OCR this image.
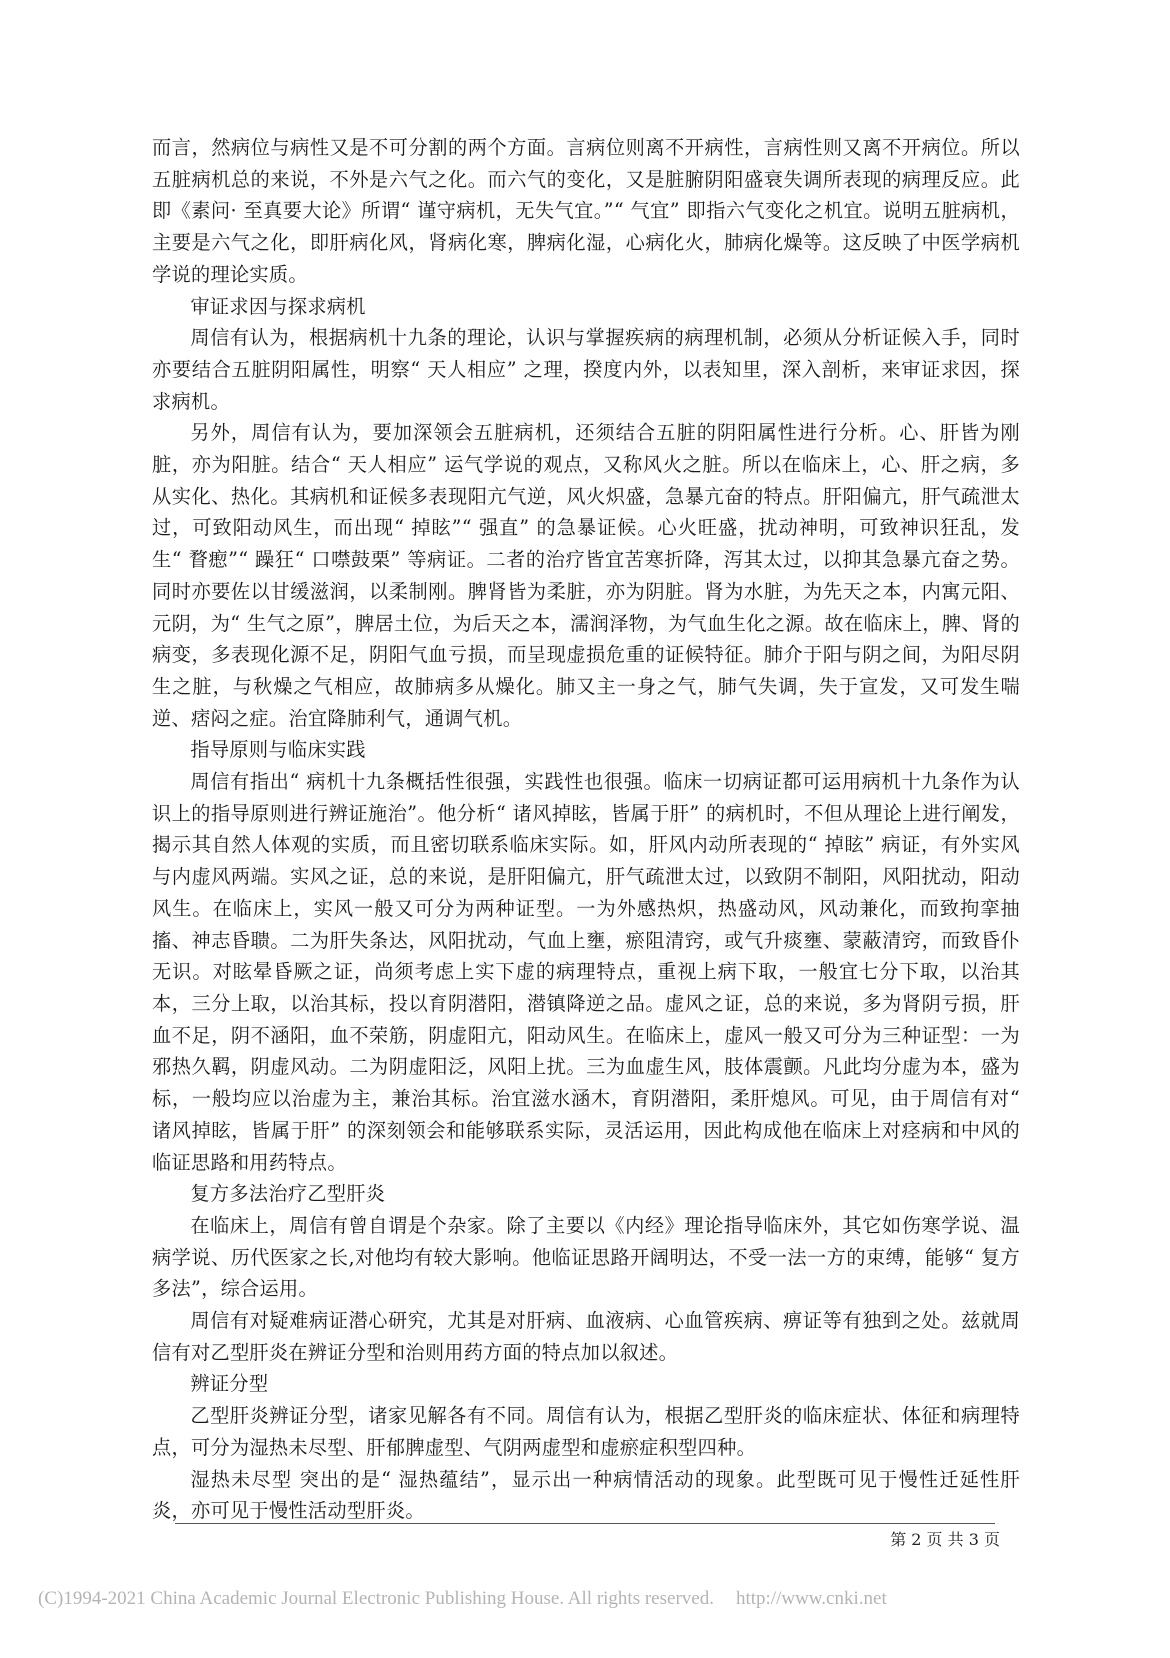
而言，然病位与病性又是不可分割的两个方面。言病位则离不开病性，言病性则又离不开病位。所以五脏病机总的来说，不外是六气之化。而六气的变化，又是脏腑阴阳盛衰失调所表现的病理反应。此即《素问· 至真要大论》所谓“ 谨守病机，无失气宜。”“ 气宜” 即指六气变化之机宜。说明五脏病机，主要是六气之化，即肝病化风，肾病化寒，脾病化湿，心病化火，肺病化燥等。这反映了中医学病机学说的理论实质。

审证求因与探求病机

周信有认为，根据病机十九条的理论，认识与掌握疾病的病理机制，必须从分析证候入手，同时亦要结合五脏阴阳属性，明察“ 天人相应” 之理，揆度内外，以表知里，深入剖析，来审证求因，探求病机。

另外，周信有认为，要加深领会五脏病机，还须结合五脏的阴阳属性进行分析。心、肝皆为刚脏，亦为阳脏。结合“ 天人相应” 运气学说的观点，又称风火之脏。所以在临床上，心、肝之病，多从实化、热化。其病机和证候多表现阳亢气逆，风火炽盛，急暴亢奋的特点。肝阳偏亢，肝气疏泄太过，可致阳动风生，而出现“ 掉眩”“ 强直” 的急暴证候。心火旺盛，扰动神明，可致神识狂乱，发生“ 瞀瘛”“ 躁狂“ 口噤鼓栗” 等病证。二者的治疗皆宜苦寒折降，泻其太过，以抑其急暴亢奋之势。同时亦要佐以甘缓滋润，以柔制刚。脾肾皆为柔脏，亦为阴脏。肾为水脏，为先天之本，内寓元阳、元阴，为“ 生气之原”，脾居土位，为后天之本，濡润泽物，为气血生化之源。故在临床上，脾、肾的病变，多表现化源不足，阴阳气血亏损，而呈现虚损危重的证候特征。肺介于阳与阴之间，为阳尽阴生之脏，与秋燥之气相应，故肺病多从燥化。肺又主一身之气，肺气失调，失于宣发，又可发生喘逆、痞闷之症。治宜降肺利气，通调气机。

指导原则与临床实践

周信有指出“ 病机十九条概括性很强，实践性也很强。临床一切病证都可运用病机十九条作为认识上的指导原则进行辨证施治”。他分析“ 诸风掉眩，皆属于肝” 的病机时，不但从理论上进行阐发，揭示其自然人体观的实质，而且密切联系临床实际。如，肝风内动所表现的“ 掉眩” 病证，有外实风与内虚风两端。实风之证，总的来说，是肝阳偏亢，肝气疏泄太过，以致阴不制阳，风阳扰动，阳动风生。在临床上，实风一般又可分为两种证型。一为外感热炽，热盛动风，风动兼化，而致拘挛抽搐、神志昏聩。二为肝失条达，风阳扰动，气血上壅，瘀阻清窍，或气升痰壅、蒙蔽清窍，而致昏仆无识。对眩晕昏厥之证，尚须考虑上实下虚的病理特点，重视上病下取，一般宜七分下取，以治其本，三分上取，以治其标，投以育阴潜阳，潜镇降逆之品。虚风之证，总的来说，多为肾阴亏损，肝血不足，阴不涵阳，血不荣筋，阴虚阳亢，阳动风生。在临床上，虚风一般又可分为三种证型：一为邪热久羁，阴虚风动。二为阴虚阳泛，风阳上扰。三为血虚生风，肢体震颤。凡此均分虚为本，盛为标，一般均应以治虚为主，兼治其标。治宜滋水涵木，育阴潜阳，柔肝熄风。可见，由于周信有对“ 诸风掉眩，皆属于肝” 的深刻领会和能够联系实际，灵活运用，因此构成他在临床上对痉病和中风的临证思路和用药特点。

复方多法治疗乙型肝炎

在临床上，周信有曾自谓是个杂家。除了主要以《内经》理论指导临床外，其它如伤寒学说、温病学说、历代医家之长,对他均有较大影响。他临证思路开阔明达，不受一法一方的束缚，能够“ 复方多法”，综合运用。

周信有对疑难病证潜心研究，尤其是对肝病、血液病、心血管疾病、痹证等有独到之处。兹就周信有对乙型肝炎在辨证分型和治则用药方面的特点加以叙述。

辨证分型

乙型肝炎辨证分型，诸家见解各有不同。周信有认为，根据乙型肝炎的临床症状、体征和病理特点，可分为湿热未尽型、肝郁脾虚型、气阴两虚型和虚瘀症积型四种。

湿热未尽型 突出的是“ 湿热蕴结”，显示出一种病情活动的现象。此型既可见于慢性迁延性肝炎，亦可见于慢性活动型肝炎。

第 2 页 共 3 页
(C)1994-2021 China Academic Journal Electronic Publishing House. All rights reserved. http://www.cnki.net
